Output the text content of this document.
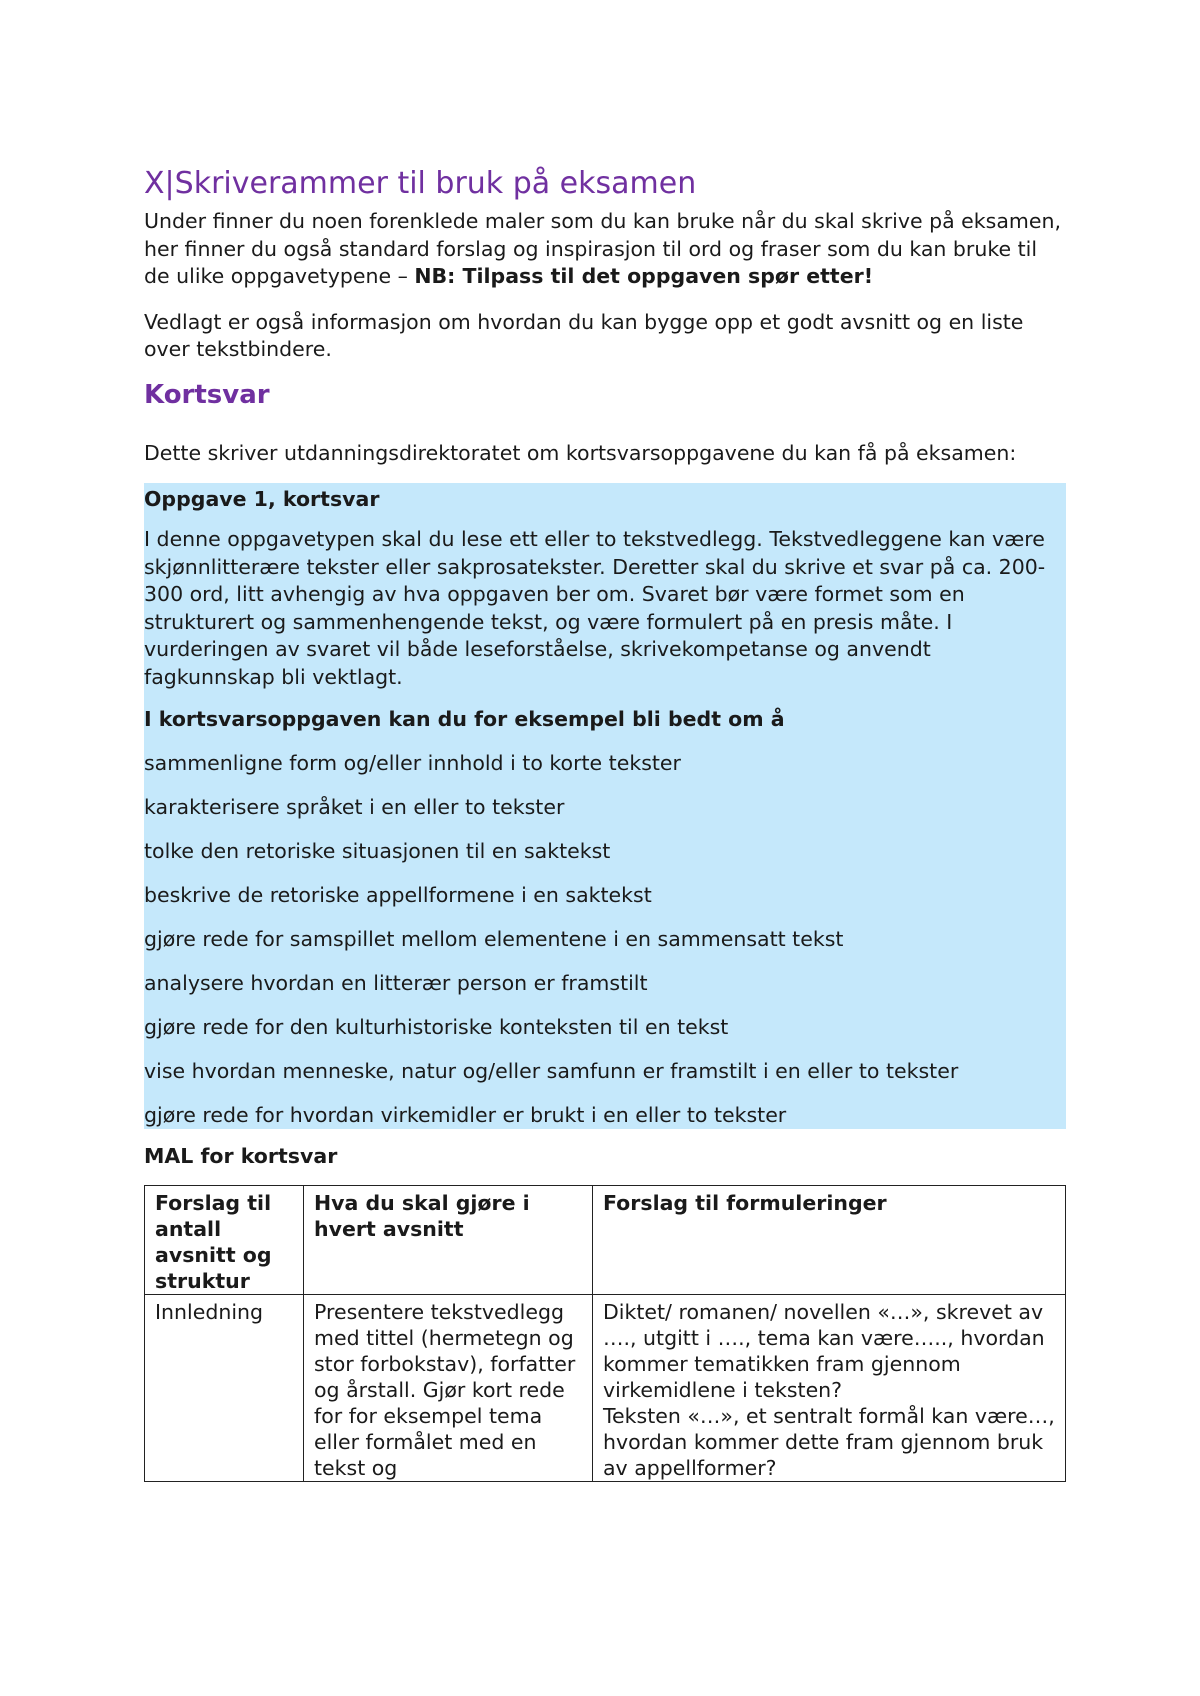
X|Skriverammer til bruk på eksamen

Under finner du noen forenklede maler som du kan bruke når du skal skrive på eksamen, her finner du også standard forslag og inspirasjon til ord og fraser som du kan bruke til de ulike oppgavetypene – NB: Tilpass til det oppgaven spør etter!

Vedlagt er også informasjon om hvordan du kan bygge opp et godt avsnitt og en liste over tekstbindere.

Kortsvar

Dette skriver utdanningsdirektoratet om kortsvarsoppgavene du kan få på eksamen:

Oppgave 1, kortsvar

I denne oppgavetypen skal du lese ett eller to tekstvedlegg. Tekstvedleggene kan være skjønnlitterære tekster eller sakprosatekster. Deretter skal du skrive et svar på ca. 200-300 ord, litt avhengig av hva oppgaven ber om. Svaret bør være formet som en strukturert og sammenhengende tekst, og være formulert på en presis måte. I vurderingen av svaret vil både leseforståelse, skrivekompetanse og anvendt fagkunnskap bli vektlagt.

I kortsvarsoppgaven kan du for eksempel bli bedt om å

sammenligne form og/eller innhold i to korte tekster

karakterisere språket i en eller to tekster

tolke den retoriske situasjonen til en saktekst

beskrive de retoriske appellformene i en saktekst

gjøre rede for samspillet mellom elementene i en sammensatt tekst

analysere hvordan en litterær person er framstilt

gjøre rede for den kulturhistoriske konteksten til en tekst

vise hvordan menneske, natur og/eller samfunn er framstilt i en eller to tekster

gjøre rede for hvordan virkemidler er brukt i en eller to tekster

MAL for kortsvar

Forslag til antall avsnitt og struktur	Hva du skal gjøre i hvert avsnitt	Forslag til formuleringer
Innledning	Presentere tekstvedlegg med tittel (hermetegn og stor forbokstav), forfatter og årstall. Gjør kort rede for for eksempel tema eller formålet med en tekst og	Diktet/ romanen/ novellen «…», skrevet av …., utgitt i …., tema kan være….., hvordan kommer tematikken fram gjennom virkemidlene i teksten?
Teksten «…», et sentralt formål kan være…,
hvordan kommer dette fram gjennom bruk av appellformer?
